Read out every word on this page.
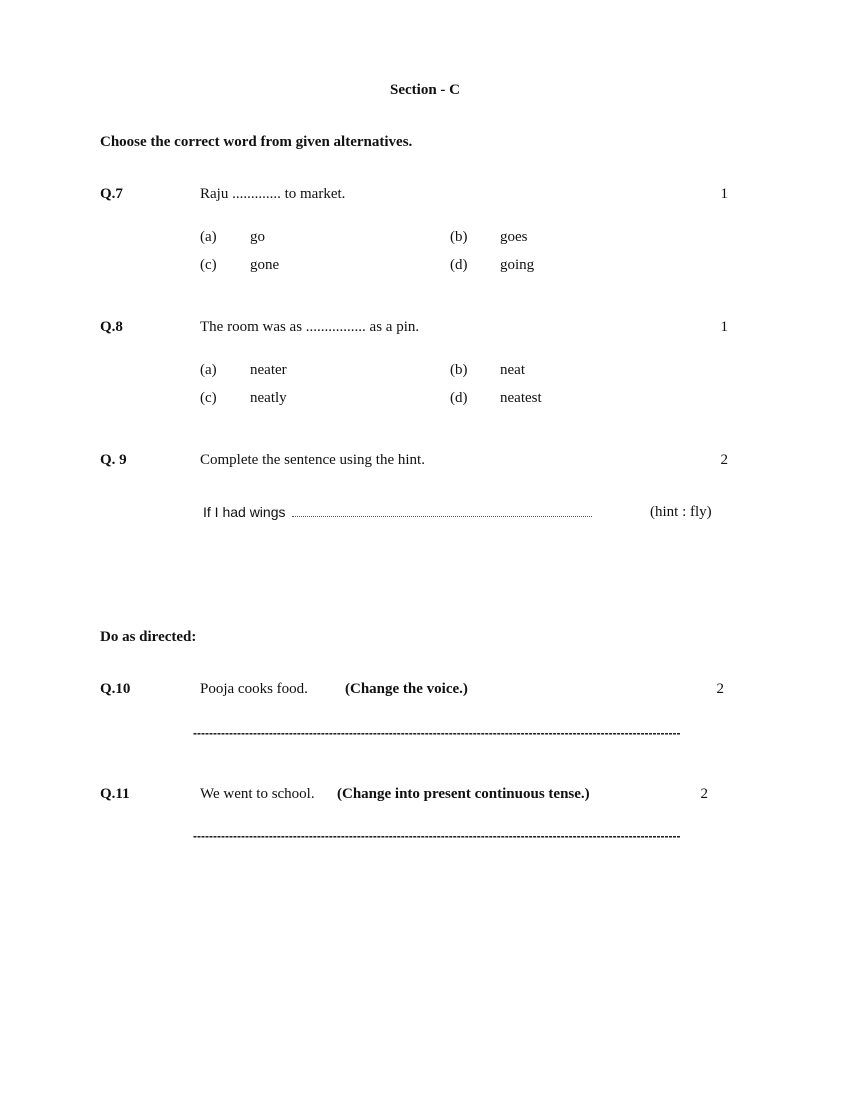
Section - C
Choose the correct word from given alternatives.
Q.7	Raju ............. to market.	1
(a) go	(b) goes
(c) gone	(d) going
Q.8	The room was as ................ as a pin.	1
(a) neater	(b) neat
(c) neatly	(d) neatest
Q. 9	Complete the sentence using the hint.	2
If I had wings	(hint : fly)
Do as directed:
Q.10	Pooja cooks food. (Change the voice.)	2
--------------------------------------------------------------------------------------------------------------------------
Q.11	We went to school. (Change into present continuous tense.)	2
--------------------------------------------------------------------------------------------------------------------------
